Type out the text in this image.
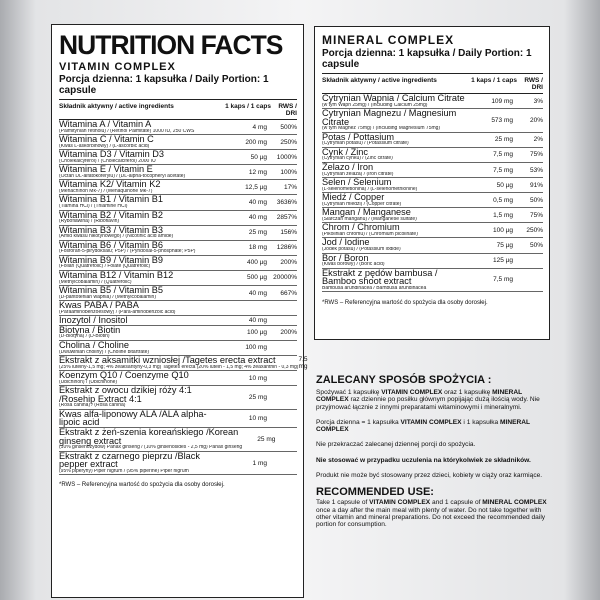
NUTRITION FACTS
VITAMIN COMPLEX
Porcja dzienna: 1 kapsułka / Daily Portion: 1 capsule
Składnik aktywny / active ingredients	1 kaps / 1 caps	RWS / DRI
Witamina A / Vitamin A
(Palmitynian retinolu) / (Retinol Palmitate) 1000 IU, 250 CWS
4 mg	500%
Witamina C / Vitamin C
(Kwas L-askorbinowy) / (L-ascorbic acid)
200 mg	250%
Witamina D3 / Vitamin D3
(Cholekalcyferol) / (Cholecalciferol) 2000 IU
50 µg	1000%
Witamina E / Vitamin E
(Octan DL-alfatokoferylu) / (DL-alpha-tocopheryl acetate)
12 mg	100%
Witamina K2/ Vitamin K2
(Menachinon Mk-7) / (Menaquinone Mk-7)
12,5 µg	17%
Witamina B1 / Vitamin B1
(Tiamina HCl) / (Thiamine HCl)
40 mg	3636%
Witamina B2 / Vitamin B2
(Ryboflawina) / (Riboflavin)
40 mg	2857%
Witamina B3 / Vitamin B3
(Amid kwasu nikotynowego) / (Nicotinic acid amide)
25 mg	156%
Witamina B6 / Vitamin B6
(Fosforan-5-pirydoksalu; P5P) / (Pyridoxal-5-phosphate; P5P)
18 mg	1286%
Witamina B9 / Vitamin B9
(Folian (Quatrefolic) / Folate (Quatrefolic)
400 µg	200%
Witamina B12 / Vitamin B12
(Methylcobalamin) / (Quatrefolic)
500 µg 20000%
Witamina B5 / Vitamin B5
(D-pantotenian wapnia) / (Methylcobalamin)
40 mg	667%
Kwas PABA / PABA
(Paraaminobenzoesowy) / (Para-aminobenzoic acid)
Inozytol / Inositol	40 mg
Biotyna / Biotin
(D-Biotyna) / (D-Biotin)
100 µg	200%
Cholina / Choline
(Dwuwinian choliny) / (Choline bitartrate)
100 mg
Ekstrakt z aksamitki wzniosłej /Tagetes erecta extract
(25% luteiny-1,5 mg; 4% zeaksantyny-0,3 mg) Tagetes erecta (20% lutein - 1,5 mg; 4% zeaxanthin - 0,3 mg)
7,5 mg
Koenzym Q10 / Coenzyme Q10
(Ubichinon) / (Ubichinone)
10 mg
Ekstrakt z owocu dzikiej róży 4:1 /Rosehip Extract 4:1
(Rosa canina) / (Rosa canina)
25 mg
Kwas alfa-liponowy ALA /ALA alpha-lipoic acid	10 mg
Ekstrakt z żeń-szenia koreańskiego /Korean ginseng extract
(10% ginsenozydów) Panax ginseng / (10% ginsenosides - 2,5 mg) Panax ginseng
25 mg
Ekstrakt z czarnego pieprzu /Black pepper extract
(95% piperyny) Piper nigrum / (95% piperine) Piper nigrum
1 mg
*RWS – Referencyjna wartość do spożycia dla osoby dorosłej.
MINERAL COMPLEX
Porcja dzienna: 1 kapsułka / Daily Portion: 1 capsule
Składnik aktywny / active ingredients	1 kaps / 1 caps	RWS / DRI
Cytrynian Wapnia / Calcium Citrate
(w tym Wapń 25mg) / (Including Calcium 25mg)
109 mg	3%
Cytrynian Magnezu / Magnesium Citrate
(w tym Magnez 75mg) / (Including Magnesium 75mg)
573 mg	20%
Potas / Pottasium
(Cytrynian potasu) / (Potassium citrate)
25 mg	2%
Cynk / Zinc
(Cytrynian cynku) / (Zinc citrate)
7,5 mg	75%
Żelazo / Iron
(Cytrynian żelaza) / (Iron citrate)
7,5 mg	53%
Selen / Selenium
(L-selenometionina) / (L-selenomethionine)
50 µg	91%
Miedź / Copper
(Cytrynian miedzi) / (Copper citrate)
0,5 mg	50%
Mangan / Manganese
(Siarczan manganu) / (Manganese sulfate)
1,5 mg	75%
Chrom / Chromium
(Pikolinian chromu) / (Chromium picolinate)
100 µg	250%
Jod / Iodine
(Jodek potasu) / (Potassium iodide)
75 µg	50%
Bor / Boron
(Kwas borowy) / (Boric acid)
125 µg
Ekstrakt z pędów bambusa / Bamboo shoot extract
Bambusa arundinacea / Bambusa arundinacea
7,5 mg
*RWS – Referencyjna wartość do spożycia dla osoby dorosłej.
ZALECANY SPOSÓB SPOŻYCIA :
Spożywać 1 kapsułkę VITAMIN COMPLEX oraz 1 kapsułkę MINERAL COMPLEX raz dziennie po posiłku głównym popijając dużą ilością wody. Nie przyjmować łącznie z innymi preparatami witaminowymi i mineralnymi.
Porcja dzienna = 1 kapsułka VITAMIN COMPLEX i 1 kapsułka MINERAL COMPLEX
Nie przekraczać zalecanej dziennej porcji do spożycia.
Nie stosować w przypadku uczulenia na którykolwiek ze składników.
Produkt nie może być stosowany przez dzieci, kobiety w ciąży oraz karmiące.
RECOMMENDED USE:
Take 1 capsule of VITAMIN COMPLEX and 1 capsule of MINERAL COMPLEX once a day after the main meal with plenty of water. Do not take together with other vitamin and mineral preparations. Do not exceed the recommended daily portion for consumption.
